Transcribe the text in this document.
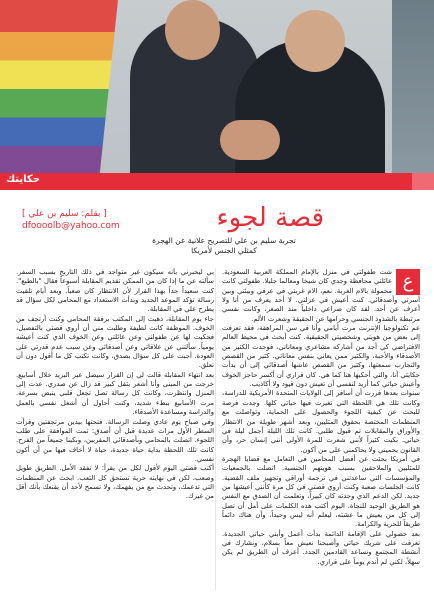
حكايتك
قصة لجوء
تجربة سليم بن علي للتصريح علانية عن الهجرة
كمثلي الجنس لأمريكا
[ بقلم: سليم بن علي ]
dfoooolb@yahoo.com

ع
شت طفولتي في منزل بالإمام المملكة العربية السعودية. عائلتي محافظة وجدي كان شيخا ومعالما جليلا. طفولتي كانت محمولة بالام الغربة. نعم، الام غربتي في عرفي وبيئتي وبين أسرتي وأصدقائي. كنت أعيش في عزلتي. لا أحد يعرف من أنا ولا أعرف عن أحد. لقد كان صراعي داخلياً منذ الصغر، وكانت نفسي مرتبطة بالشذوذ الجنسي وحرامها عن الحقيقة وشعرت الألم.

عم تكنولوجيا الإنترنت مرت أيامي وأنا في سن المراهقة، فقد تعرفت إلى بعض من هويتي وشخصيتي الحقيقية. كنت أبحث في محيط العالم الافتراضي كي أجد من أشاركه مشاعري ومعاناتي، فوجدت الكثير من الأصدقاء والأحبة، والكثير ممن يعاني بنفس معاناتي. كثير من القصص والتجارب سمعتها، وكثير من القصص عاشها أصدقائي إلى أن بدأت حكايتي أنا، والتي أحكيها هنا كما هي. كان قراري أن أكسر حاجز الخوف وأعيش حياتي كما أريد لنفسي أن تعيش دون قيود ولا أكاذيب.

سنوات بعدها قررت أن أسافر إلى الولايات المتحدة الأمريكية للدراسة، وكانت تلك هي اللحظة التي تغيرت فيها حياتي كلها. وجدت فرصة للبحث عن كيفية اللجوء والحصول على الحماية، وتواصلت مع المنظمات المختصة بحقوق المثليين، وبعد أشهر طويلة من الانتظار والأوراق والمقابلات تم قبول طلبي. كانت تلك الليلة أجمل ليلة في حياتي. بكيت كثيراً لأنني شعرت للمرة الأولى أنني إنسان حر، وأن القانون يحميني ولا يحاكمني على من أكون.

في أمريكا بحثت عن أفضل المحامين في التعامل مع قضايا الهجرة للمثليين والملاحقين بسبب هويتهم الجنسية. اتصلت بالجمعيات والمؤسسات التي ساعدتني في ترجمة أوراقي وتجهيز ملف القضية. كانت الجلسات صعبة وكنت أروي قصتي في كل مرة كأنني أعيشها من جديد. لكن الدعم الذي وجدته كان كبيراً، وتعلمت أن الصدق مع النفس هو الطريق الوحيد للنجاة. اليوم أكتب هذه الكلمات على أمل أن تصل إلى كل من يعيش ما عشته، ليعلم أنه ليس وحيداً، وأن هناك دائماً طريقاً للحرية والكرامة.

بعد حصولي على الإقامة الدائمة بدأت أعمل وأبني حياتي الجديدة. تعرفت على شريك حياتي وأصبحنا نعيش معاً بسلام، ونشارك في أنشطة المجتمع ونساعد القادمين الجدد. أعرف أن الطريق لم يكن سهلاً، لكني لم أندم يوماً على قراري.

بي ليخبرني بأنه سيكون غير متواجد في ذلك التاريخ بسبب السفر. سألته عن ما إذا كان من الممكن تقديم المقابلة أسبوعاً فقال "بالطبع". كنت سعيداً جداً بهذا القرار لأن الانتظار كان صعباً. وبعد أيام تلقيت رسالة تؤكد الموعد الجديد وبدأت الاستعداد مع المحامي لكل سؤال قد يطرح علي في المقابلة.

جاء يوم المقابلة، ذهبت إلى المكتب برفقة المحامي وكنت أرتجف من الخوف. الموظفة كانت لطيفة وطلبت مني أن أروي قصتي بالتفصيل، فحكيت لها عن طفولتي وعن عائلتي وعن الخوف الذي كنت أعيشه يومياً. سألتني عن علاقاتي وعن أصدقائي وعن سبب عدم قدرتي على العودة. أجبت على كل سؤال بصدق، وكانت تكتب كل ما أقول دون أن تعلق.

بعد انتهاء المقابلة قالت لي إن القرار سيصل عبر البريد خلال أسابيع. خرجت من المبنى وأنا أشعر بثقل كبير قد زال عن صدري. عدت إلى المنزل وانتظرت، وكانت كل رسالة تصل تجعل قلبي ينبض بسرعة. مرت الأسابيع ببطء شديد، وكنت أحاول أن أشغل نفسي بالعمل والدراسة ومساعدة الأصدقاء.

وفي صباح يوم عادي وصلت الرسالة. فتحتها بيدين مرتجفتين وقرأت السطر الأول مرات عديدة قبل أن أصدق: تمت الموافقة على طلب اللجوء. اتصلت بالمحامي وبأصدقائي المقربين، وبكينا جميعاً من الفرح. كانت تلك اللحظة بداية حياة جديدة، حياة لا أخاف فيها من أن أكون نفسي.

أكتب قصتي اليوم لأقول لكل من يقرأ: لا تفقد الأمل. الطريق طويل وصعب، لكن في نهايته حرية تستحق كل التعب. ابحث عن المنظمات التي تدعمك، وتحدث مع من يفهمك، ولا تسمح لأحد أن يقنعك بأنك أقل من غيرك.
